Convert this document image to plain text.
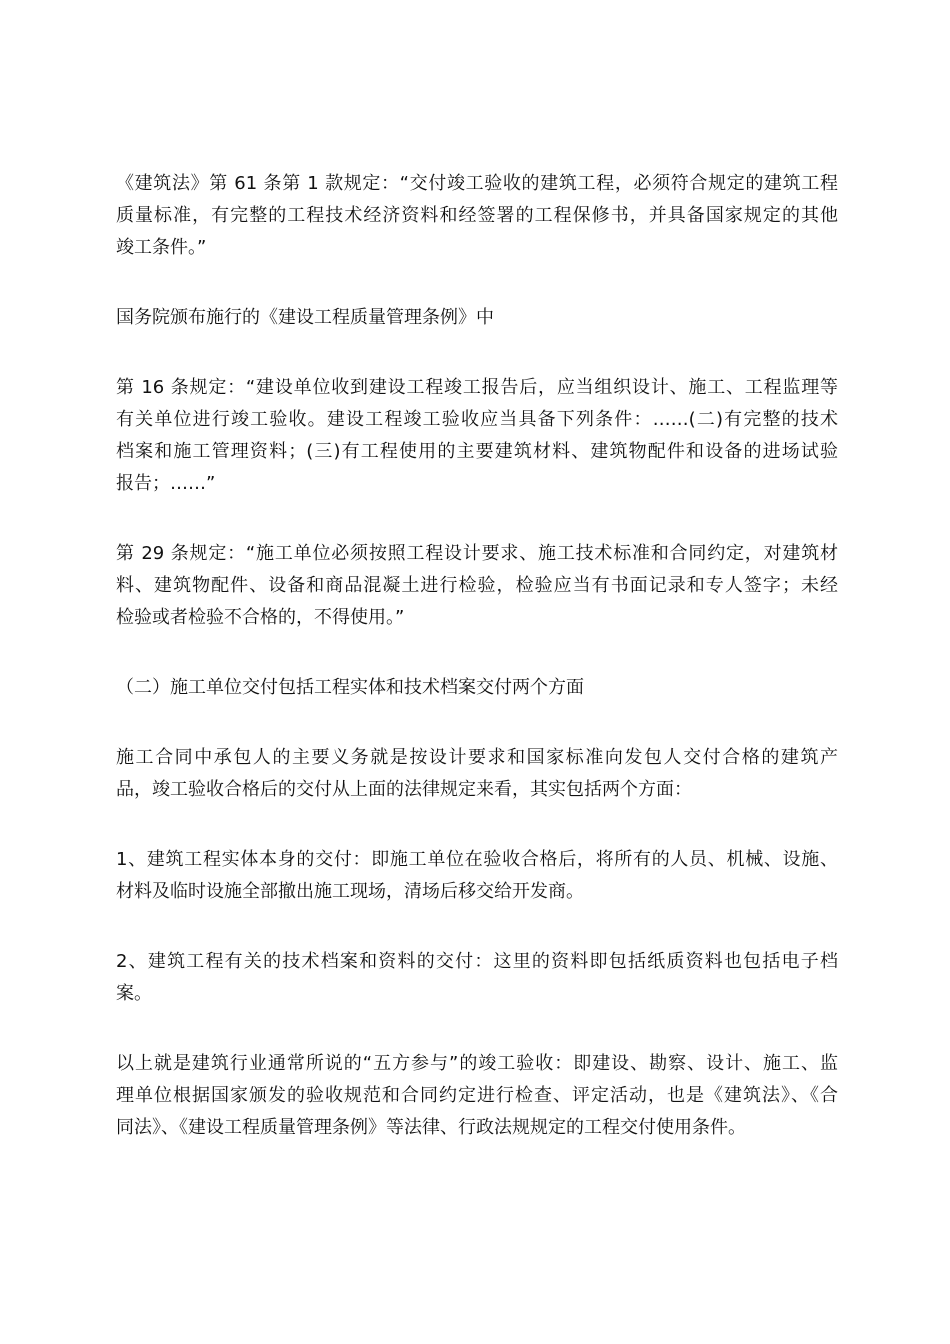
《建筑法》第 61 条第 1 款规定：“交付竣工验收的建筑工程，必须符合规定的建筑工程
质量标准，有完整的工程技术经济资料和经签署的工程保修书，并具备国家规定的其他
竣工条件。”

国务院颁布施行的《建设工程质量管理条例》中

第 16 条规定：“建设单位收到建设工程竣工报告后，应当组织设计、施工、工程监理等
有关单位进行竣工验收。建设工程竣工验收应当具备下列条件：……(二)有完整的技术
档案和施工管理资料；(三)有工程使用的主要建筑材料、建筑物配件和设备的进场试验
报告；……”

第 29 条规定：“施工单位必须按照工程设计要求、施工技术标准和合同约定，对建筑材
料、建筑物配件、设备和商品混凝土进行检验，检验应当有书面记录和专人签字；未经
检验或者检验不合格的，不得使用。”

（二）施工单位交付包括工程实体和技术档案交付两个方面

施工合同中承包人的主要义务就是按设计要求和国家标准向发包人交付合格的建筑产
品，竣工验收合格后的交付从上面的法律规定来看，其实包括两个方面：

1、建筑工程实体本身的交付：即施工单位在验收合格后，将所有的人员、机械、设施、
材料及临时设施全部撤出施工现场，清场后移交给开发商。

2、建筑工程有关的技术档案和资料的交付：这里的资料即包括纸质资料也包括电子档
案。

以上就是建筑行业通常所说的“五方参与”的竣工验收：即建设、勘察、设计、施工、监
理单位根据国家颁发的验收规范和合同约定进行检查、评定活动，也是《建筑法》、《合
同法》、《建设工程质量管理条例》等法律、行政法规规定的工程交付使用条件。
